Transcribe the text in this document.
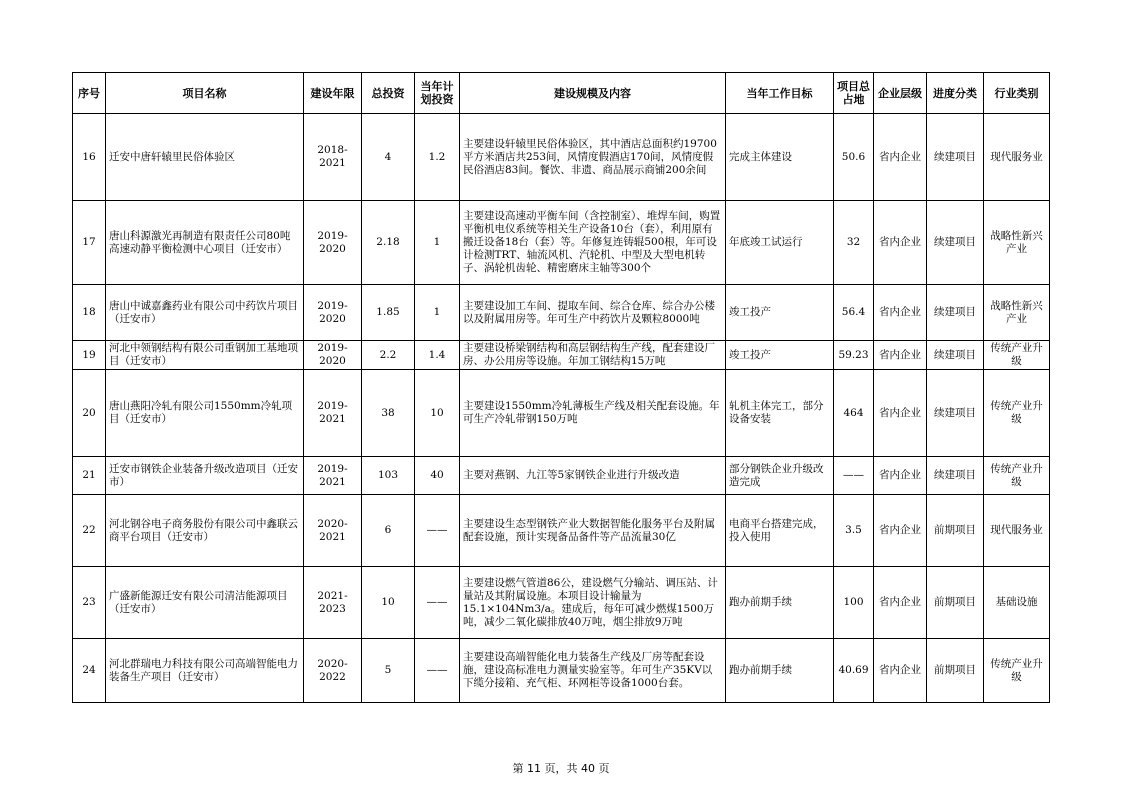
序号	项目名称	建设年限	总投资	当年计划投资	建设规模及内容	当年工作目标	项目总占地	企业层级	进度分类	行业类别
16	迁安中唐轩辕里民俗体验区	2018-2021	4	1.2	主要建设轩辕里民俗体验区，其中酒店总面积约19700平方米酒店共253间，风情度假酒店170间，风情度假民俗酒店83间。餐饮、非遗、商品展示商铺200余间	完成主体建设	50.6	省内企业	续建项目	现代服务业
17	唐山科源激光再制造有限责任公司80吨高速动静平衡检测中心项目（迁安市）	2019-2020	2.18	1	主要建设高速动平衡车间（含控制室）、堆焊车间，购置平衡机电仪系统等相关生产设备10台（套），利用原有搬迁设备18台（套）等。年修复连铸辊500根，年可设计检测TRT、轴流风机、汽轮机、中型及大型电机转子、涡轮机齿轮、精密磨床主轴等300个	年底竣工试运行	32	省内企业	续建项目	战略性新兴产业
18	唐山中诚嘉鑫药业有限公司中药饮片项目（迁安市）	2019-2020	1.85	1	主要建设加工车间、提取车间、综合仓库、综合办公楼以及附属用房等。年可生产中药饮片及颗粒8000吨	竣工投产	56.4	省内企业	续建项目	战略性新兴产业
19	河北中领钢结构有限公司重钢加工基地项目（迁安市）	2019-2020	2.2	1.4	主要建设桥梁钢结构和高层钢结构生产线，配套建设厂房、办公用房等设施。年加工钢结构15万吨	竣工投产	59.23	省内企业	续建项目	传统产业升级
20	唐山燕阳冷轧有限公司1550mm冷轧项目（迁安市）	2019-2021	38	10	主要建设1550mm冷轧薄板生产线及相关配套设施。年可生产冷轧带钢150万吨	轧机主体完工，部分设备安装	464	省内企业	续建项目	传统产业升级
21	迁安市钢铁企业装备升级改造项目（迁安市）	2019-2021	103	40	主要对燕钢、九江等5家钢铁企业进行升级改造	部分钢铁企业升级改造完成	——	省内企业	续建项目	传统产业升级
22	河北钢谷电子商务股份有限公司中鑫联云商平台项目（迁安市）	2020-2021	6	——	主要建设生态型钢铁产业大数据智能化服务平台及附属配套设施，预计实现备品备件等产品流量30亿	电商平台搭建完成，投入使用	3.5	省内企业	前期项目	现代服务业
23	广盛新能源迁安有限公司清洁能源项目（迁安市）	2021-2023	10	——	主要建设燃气管道86公，建设燃气分输站、调压站、计量站及其附属设施。本项目设计输量为15.1×104Nm3/a。建成后，每年可减少燃煤1500万吨，减少二氧化碳排放40万吨，烟尘排放9万吨	跑办前期手续	100	省内企业	前期项目	基础设施
24	河北群瑞电力科技有限公司高端智能电力装备生产项目（迁安市）	2020-2022	5	——	主要建设高端智能化电力装备生产线及厂房等配套设施，建设高标准电力测量实验室等。年可生产35KV以下缆分接箱、充气柜、环网柜等设备1000台套。	跑办前期手续	40.69	省内企业	前期项目	传统产业升级
第 11 页，共 40 页
